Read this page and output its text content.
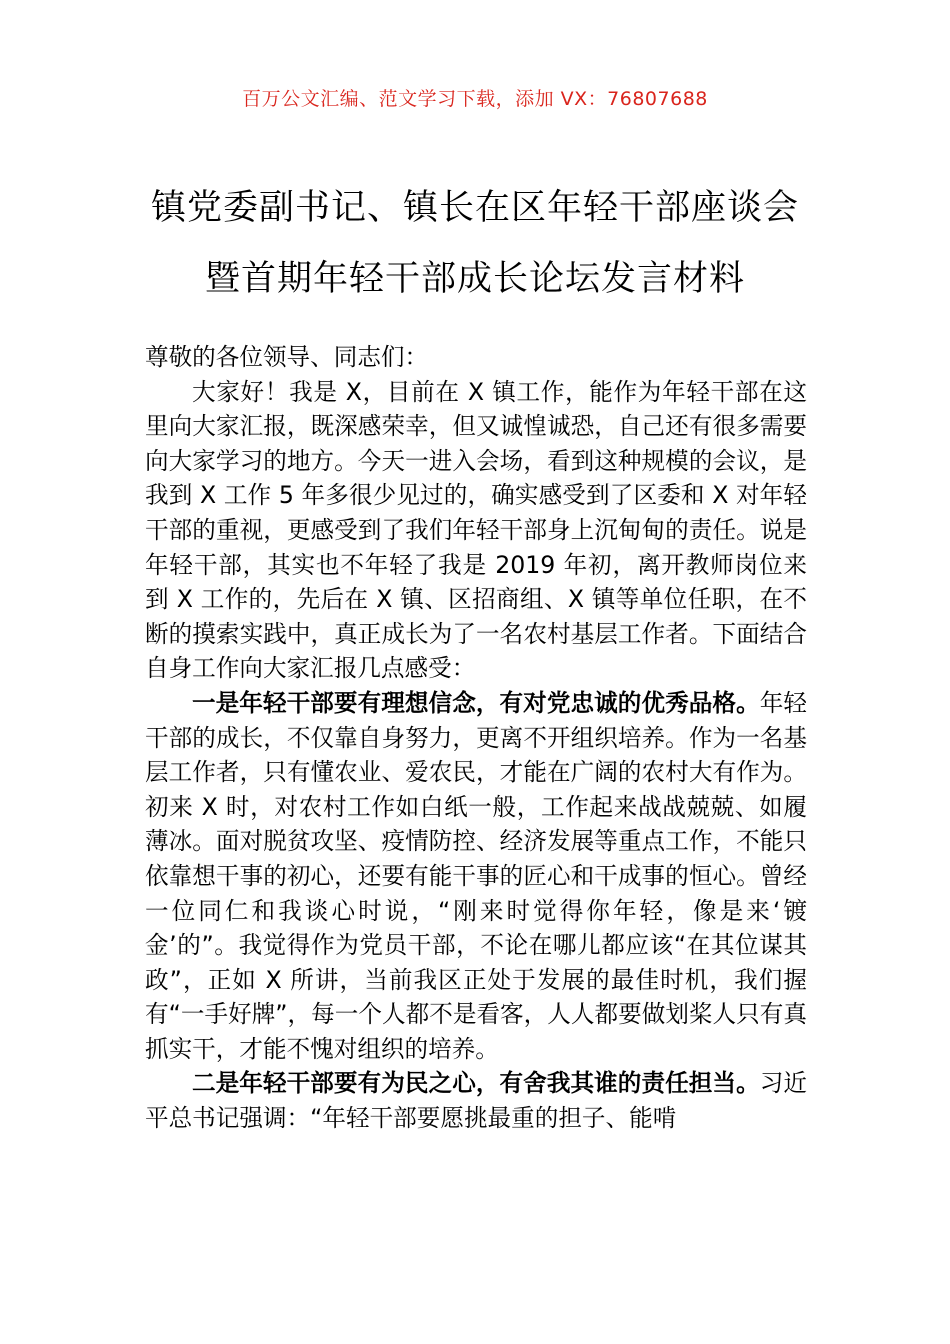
百万公文汇编、范文学习下载，添加 VX：76807688
镇党委副书记、镇长在区年轻干部座谈会
暨首期年轻干部成长论坛发言材料

尊敬的各位领导、同志们：

大家好！我是 X，目前在 X 镇工作，能作为年轻干部在这里向大家汇报，既深感荣幸，但又诚惶诚恐，自己还有很多需要向大家学习的地方。今天一进入会场，看到这种规模的会议，是我到 X 工作 5 年多很少见过的，确实感受到了区委和 X 对年轻干部的重视，更感受到了我们年轻干部身上沉甸甸的责任。说是年轻干部，其实也不年轻了我是 2019 年初，离开教师岗位来到 X 工作的，先后在 X 镇、区招商组、X 镇等单位任职，在不断的摸索实践中，真正成长为了一名农村基层工作者。下面结合自身工作向大家汇报几点感受：

一是年轻干部要有理想信念，有对党忠诚的优秀品格。年轻干部的成长，不仅靠自身努力，更离不开组织培养。作为一名基层工作者，只有懂农业、爱农民，才能在广阔的农村大有作为。初来 X 时，对农村工作如白纸一般，工作起来战战兢兢、如履薄冰。面对脱贫攻坚、疫情防控、经济发展等重点工作，不能只依靠想干事的初心，还要有能干事的匠心和干成事的恒心。曾经一位同仁和我谈心时说，“刚来时觉得你年轻，像是来‘镀金’的”。我觉得作为党员干部，不论在哪儿都应该“在其位谋其政”，正如 X 所讲，当前我区正处于发展的最佳时机，我们握有“一手好牌”，每一个人都不是看客，人人都要做划桨人只有真抓实干，才能不愧对组织的培养。

二是年轻干部要有为民之心，有舍我其谁的责任担当。习近平总书记强调：“年轻干部要愿挑最重的担子、能啃
